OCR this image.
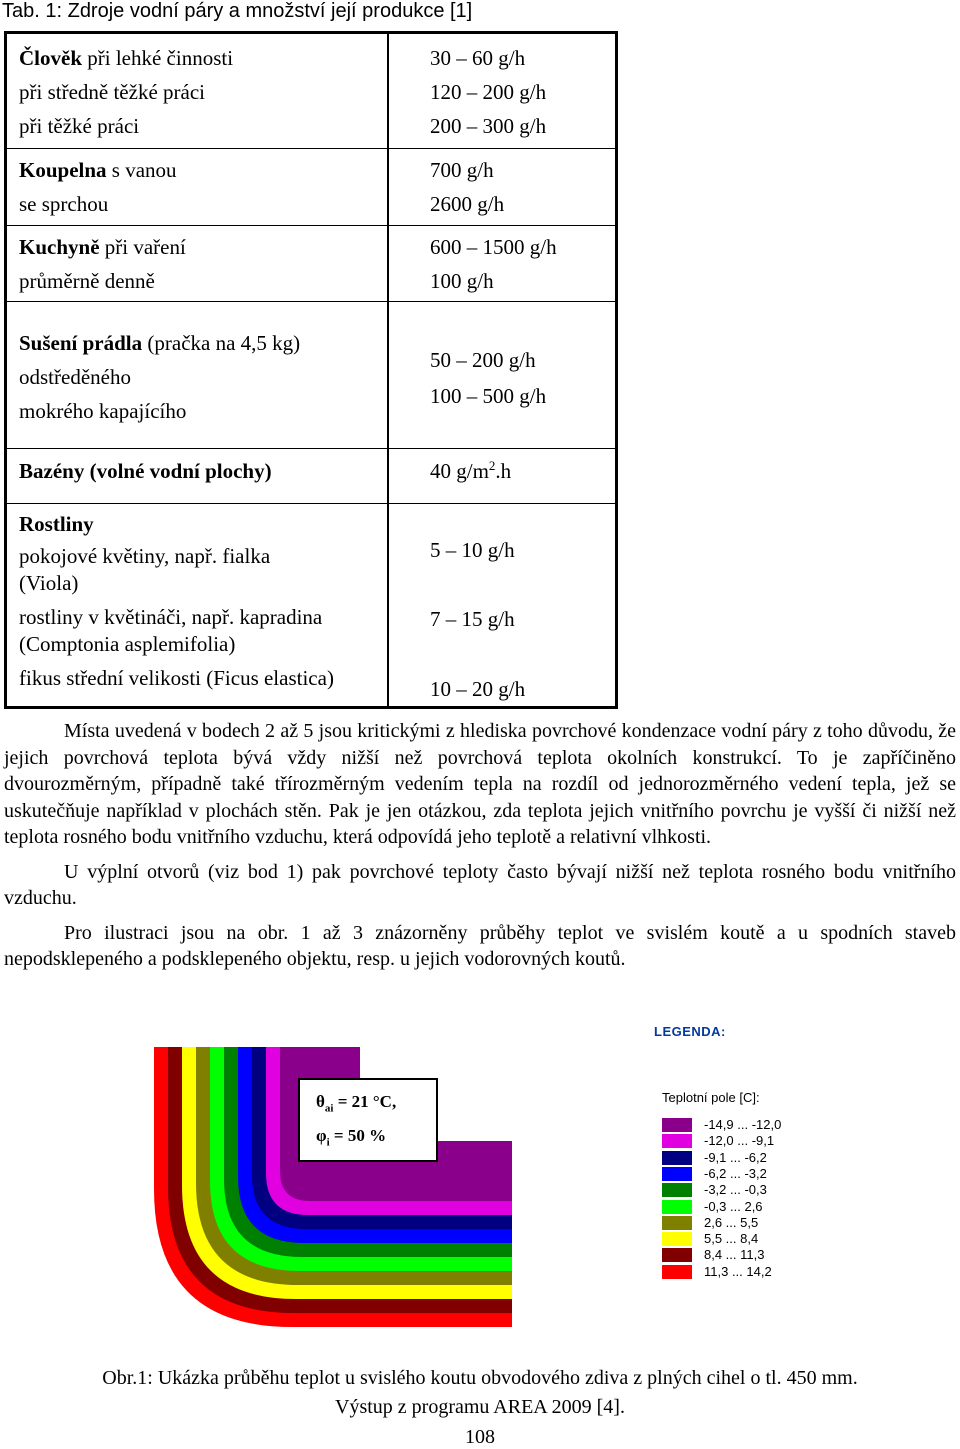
Tab. 1: Zdroje vodní páry a množství její produkce [1]
Člověk při lehké činnosti
při středně těžké práci
při těžké práci
30 – 60 g/h
120 – 200 g/h
200 – 300 g/h
Koupelna s vanou
se sprchou
700 g/h
2600 g/h
Kuchyně při vaření
průměrně denně
600 – 1500 g/h
100 g/h
Sušení prádla (pračka na 4,5 kg)
odstředěného
mokrého kapajícího
50 – 200 g/h
100 – 500 g/h
Bazény (volné vodní plochy)	40 $g/m^2.h$
Rostliny
pokojové květiny, např. fialka
(Viola)
rostliny v květináči, např. kapradina
(Comptonia asplemifolia)
fikus střední velikosti (Ficus elastica)
5 – 10 g/h
7 – 15 g/h
10 – 20 g/h

Místa uvedená v bodech 2 až 5 jsou kritickými z hlediska povrchové kondenzace vodní páry z toho důvodu, že jejich povrchová teplota bývá vždy nižší než povrchová teplota okolních konstrukcí. To je zapříčiněno dvourozměrným, případně také třírozměrným vedením tepla na rozdíl od jednorozměrného vedení tepla, jež se uskutečňuje například v plochách stěn. Pak je jen otázkou, zda teplota jejich vnitřního povrchu je vyšší či nižší než teplota rosného bodu vnitřního vzduchu, která odpovídá jeho teplotě a relativní vlhkosti.

U výplní otvorů (viz bod 1) pak povrchové teploty často bývají nižší než teplota rosného bodu vnitřního vzduchu.

Pro ilustraci jsou na obr. 1 až 3 znázorněny průběhy teplot ve svislém koutě a u spodních staveb nepodsklepeného a podsklepeného objektu, resp. u jejich vodorovných koutů.

$\theta_{ai} = 21$ °C,
$\varphi_i = 50$ %
LEGENDA:
Teplotní pole [C]:
-14,9 ... -12,0
-12,0 ... -9,1
-9,1 ... -6,2
-6,2 ... -3,2
-3,2 ... -0,3
-0,3 ... 2,6
2,6 ... 5,5
5,5 ... 8,4
8,4 ... 11,3
11,3 ... 14,2
Obr.1: Ukázka průběhu teplot u svislého koutu obvodového zdiva z plných cihel o tl. 450 mm.
Výstup z programu AREA 2009 [4].
108
